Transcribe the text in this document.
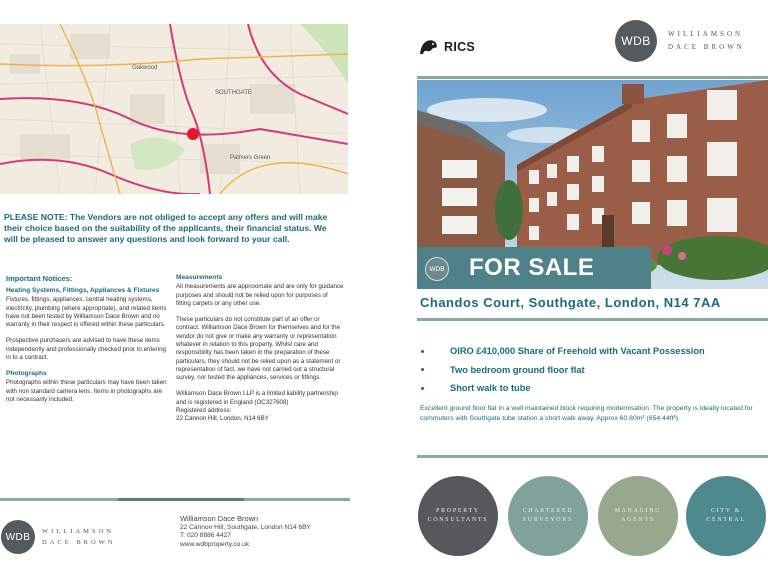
Oakwood
SOUTHGATE
Palmers Green
PLEASE NOTE: The Vendors are not obliged to accept any offers and will make their choice based on the suitability of the applicants, their financial status. We will be pleased to answer any questions and look forward to your call.
Important Notices:
Heating Systems, Fittings, Appliances & Fixtures
Fixtures, fittings, appliances, central heating systems, electricity, plumbing (where appropriate), and related items have not been tested by Williamson Dace Brown and no warranty in their respect is offered within these particulars.
Prospective purchasers are advised to have these items independently and professionally checked prior to entering in to a contract.
Photographs
Photographs within these particulars may have been taken with non standard camera lens. Items in photographs are not necessarily included.
Measurements
All measurements are approximate and are only for guidance purposes and should not be relied upon for purposes of fitting carpets or any other use.
These particulars do not constitute part of an offer or contract. Williamson Dace Brown for themselves and for the vendor do not give or make any warranty or representation whatever in relation to this property. Whilst care and responsibility has been taken in the preparation of these particulars, they should not be relied upon as a statement or representation of fact, we have not carried out a structural survey, nor tested the appliances, services or fittings.
Williamson Dace Brown LLP is a limited liability partnership and is registered in England (OC327608)
Registered address:
22 Cannon Hill, London, N14 6BY
WDB	WILLIAMSON
DACE BROWN
Williamson Dace Brown
22 Cannon Hill, Southgate, London N14 6BY
T: 020 8886 4427
www.wdbproperty.co.uk
RICS	WDB	WILLIAMSON
DACE BROWN
FOR SALE
WDB
Chandos Court, Southgate, London, N14 7AA
OIRO £410,000 Share of Freehold with Vacant Possession
Two bedroom ground floor flat
Short walk to tube
Excellent ground floor flat in a well maintained block requiring modernisation. The property is ideally located for commuters with Southgate tube station a short walk away. Approx 60.80m² (654.44ft²).
PROPERTY
CONSULTANTS
CHARTERED
SURVEYORS
MANAGING
AGENTS
CITY &
CENTRAL
